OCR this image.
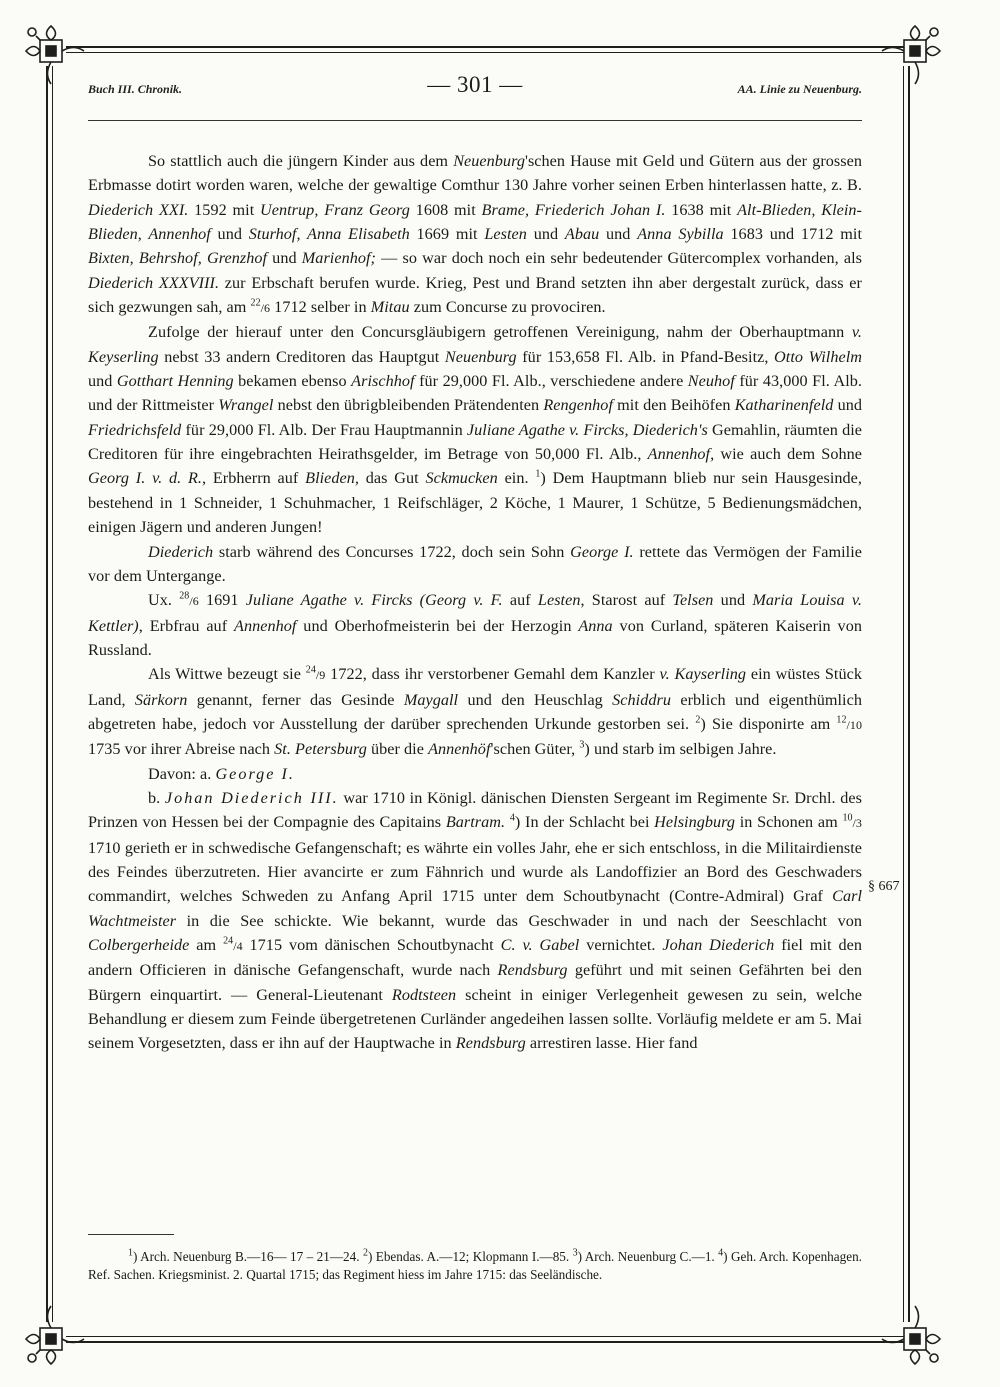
Buch III. Chronik.	— 301 —	AA. Linie zu Neuenburg.

So stattlich auch die jüngern Kinder aus dem Neuenburg'schen Hause mit Geld und Gütern aus der grossen Erbmasse dotirt worden waren, welche der gewaltige Comthur 130 Jahre vorher seinen Erben hinterlassen hatte, z. B. Diederich XXI. 1592 mit Uentrup, Franz Georg 1608 mit Brame, Friederich Johan I. 1638 mit Alt-Blieden, Klein-Blieden, Annenhof und Sturhof, Anna Elisabeth 1669 mit Lesten und Abau und Anna Sybilla 1683 und 1712 mit Bixten, Behrshof, Grenzhof und Marienhof; — so war doch noch ein sehr bedeutender Gütercomplex vorhanden, als Diederich XXXVIII. zur Erbschaft berufen wurde. Krieg, Pest und Brand setzten ihn aber dergestalt zurück, dass er sich gezwungen sah, am $^{22}$/6 1712 selber in Mitau zum Concurse zu provociren.

Zufolge der hierauf unter den Concursgläubigern getroffenen Vereinigung, nahm der Oberhauptmann v. Keyserling nebst 33 andern Creditoren das Hauptgut Neuenburg für 153,658 Fl. Alb. in Pfand-Besitz, Otto Wilhelm und Gotthart Henning bekamen ebenso Arischhof für 29,000 Fl. Alb., verschiedene andere Neuhof für 43,000 Fl. Alb. und der Rittmeister Wrangel nebst den übrigbleibenden Prätendenten Rengenhof mit den Beihöfen Katharinenfeld und Friedrichsfeld für 29,000 Fl. Alb. Der Frau Hauptmannin Juliane Agathe v. Fircks, Diederich's Gemahlin, räumten die Creditoren für ihre eingebrachten Heirathsgelder, im Betrage von 50,000 Fl. Alb., Annenhof, wie auch dem Sohne Georg I. v. d. R., Erbherrn auf Blieden, das Gut Sckmucken ein. $^1$) Dem Hauptmann blieb nur sein Hausgesinde, bestehend in 1 Schneider, 1 Schuhmacher, 1 Reifschläger, 2 Köche, 1 Maurer, 1 Schütze, 5 Bedienungsmädchen, einigen Jägern und anderen Jungen!

Diederich starb während des Concurses 1722, doch sein Sohn George I. rettete das Vermögen der Familie vor dem Untergange.

Ux. $^{28}$/6 1691 Juliane Agathe v. Fircks (Georg v. F. auf Lesten, Starost auf Telsen und Maria Louisa v. Kettler), Erbfrau auf Annenhof und Oberhofmeisterin bei der Herzogin Anna von Curland, späteren Kaiserin von Russland.

Als Wittwe bezeugt sie $^{24}$/9 1722, dass ihr verstorbener Gemahl dem Kanzler v. Kayserling ein wüstes Stück Land, Särkorn genannt, ferner das Gesinde Maygall und den Heuschlag Schiddru erblich und eigenthümlich abgetreten habe, jedoch vor Ausstellung der darüber sprechenden Urkunde gestorben sei. $^2$) Sie disponirte am $^{12}$/10 1735 vor ihrer Abreise nach St. Petersburg über die Annenhöf'schen Güter, $^3$) und starb im selbigen Jahre.

Davon: a. George I.

b. Johan Diederich III. war 1710 in Königl. dänischen Diensten Sergeant im Regimente Sr. Drchl. des Prinzen von Hessen bei der Compagnie des Capitains Bartram. $^4$) In der Schlacht bei Helsingburg in Schonen am $^{10}$/3 1710 gerieth er in schwedische Gefangenschaft; es währte ein volles Jahr, ehe er sich entschloss, in die Militairdienste des Feindes überzutreten. Hier avancirte er zum Fähnrich und wurde als Landoffizier an Bord des Geschwaders commandirt, welches Schweden zu Anfang April 1715 unter dem Schoutbynacht (Contre-Admiral) Graf Carl Wachtmeister in die See schickte. Wie bekannt, wurde das Geschwader in und nach der Seeschlacht von Colbergerheide am $^{24}$/4 1715 vom dänischen Schoutbynacht C. v. Gabel vernichtet. Johan Diederich fiel mit den andern Officieren in dänische Gefangenschaft, wurde nach Rendsburg geführt und mit seinen Gefährten bei den Bürgern einquartirt. — General-Lieutenant Rodtsteen scheint in einiger Verlegenheit gewesen zu sein, welche Behandlung er diesem zum Feinde übergetretenen Curländer angedeihen lassen sollte. Vorläufig meldete er am 5. Mai seinem Vorgesetzten, dass er ihn auf der Hauptwache in Rendsburg arrestiren lasse. Hier fand

§ 667

$^1$) Arch. Neuenburg B.—16— 17 – 21—24. $^2$) Ebendas. A.—12; Klopmann I.—85. $^3$) Arch. Neuenburg C.—1. $^4$) Geh. Arch. Kopenhagen. Ref. Sachen. Kriegsminist. 2. Quartal 1715; das Regiment hiess im Jahre 1715: das Seeländische.
